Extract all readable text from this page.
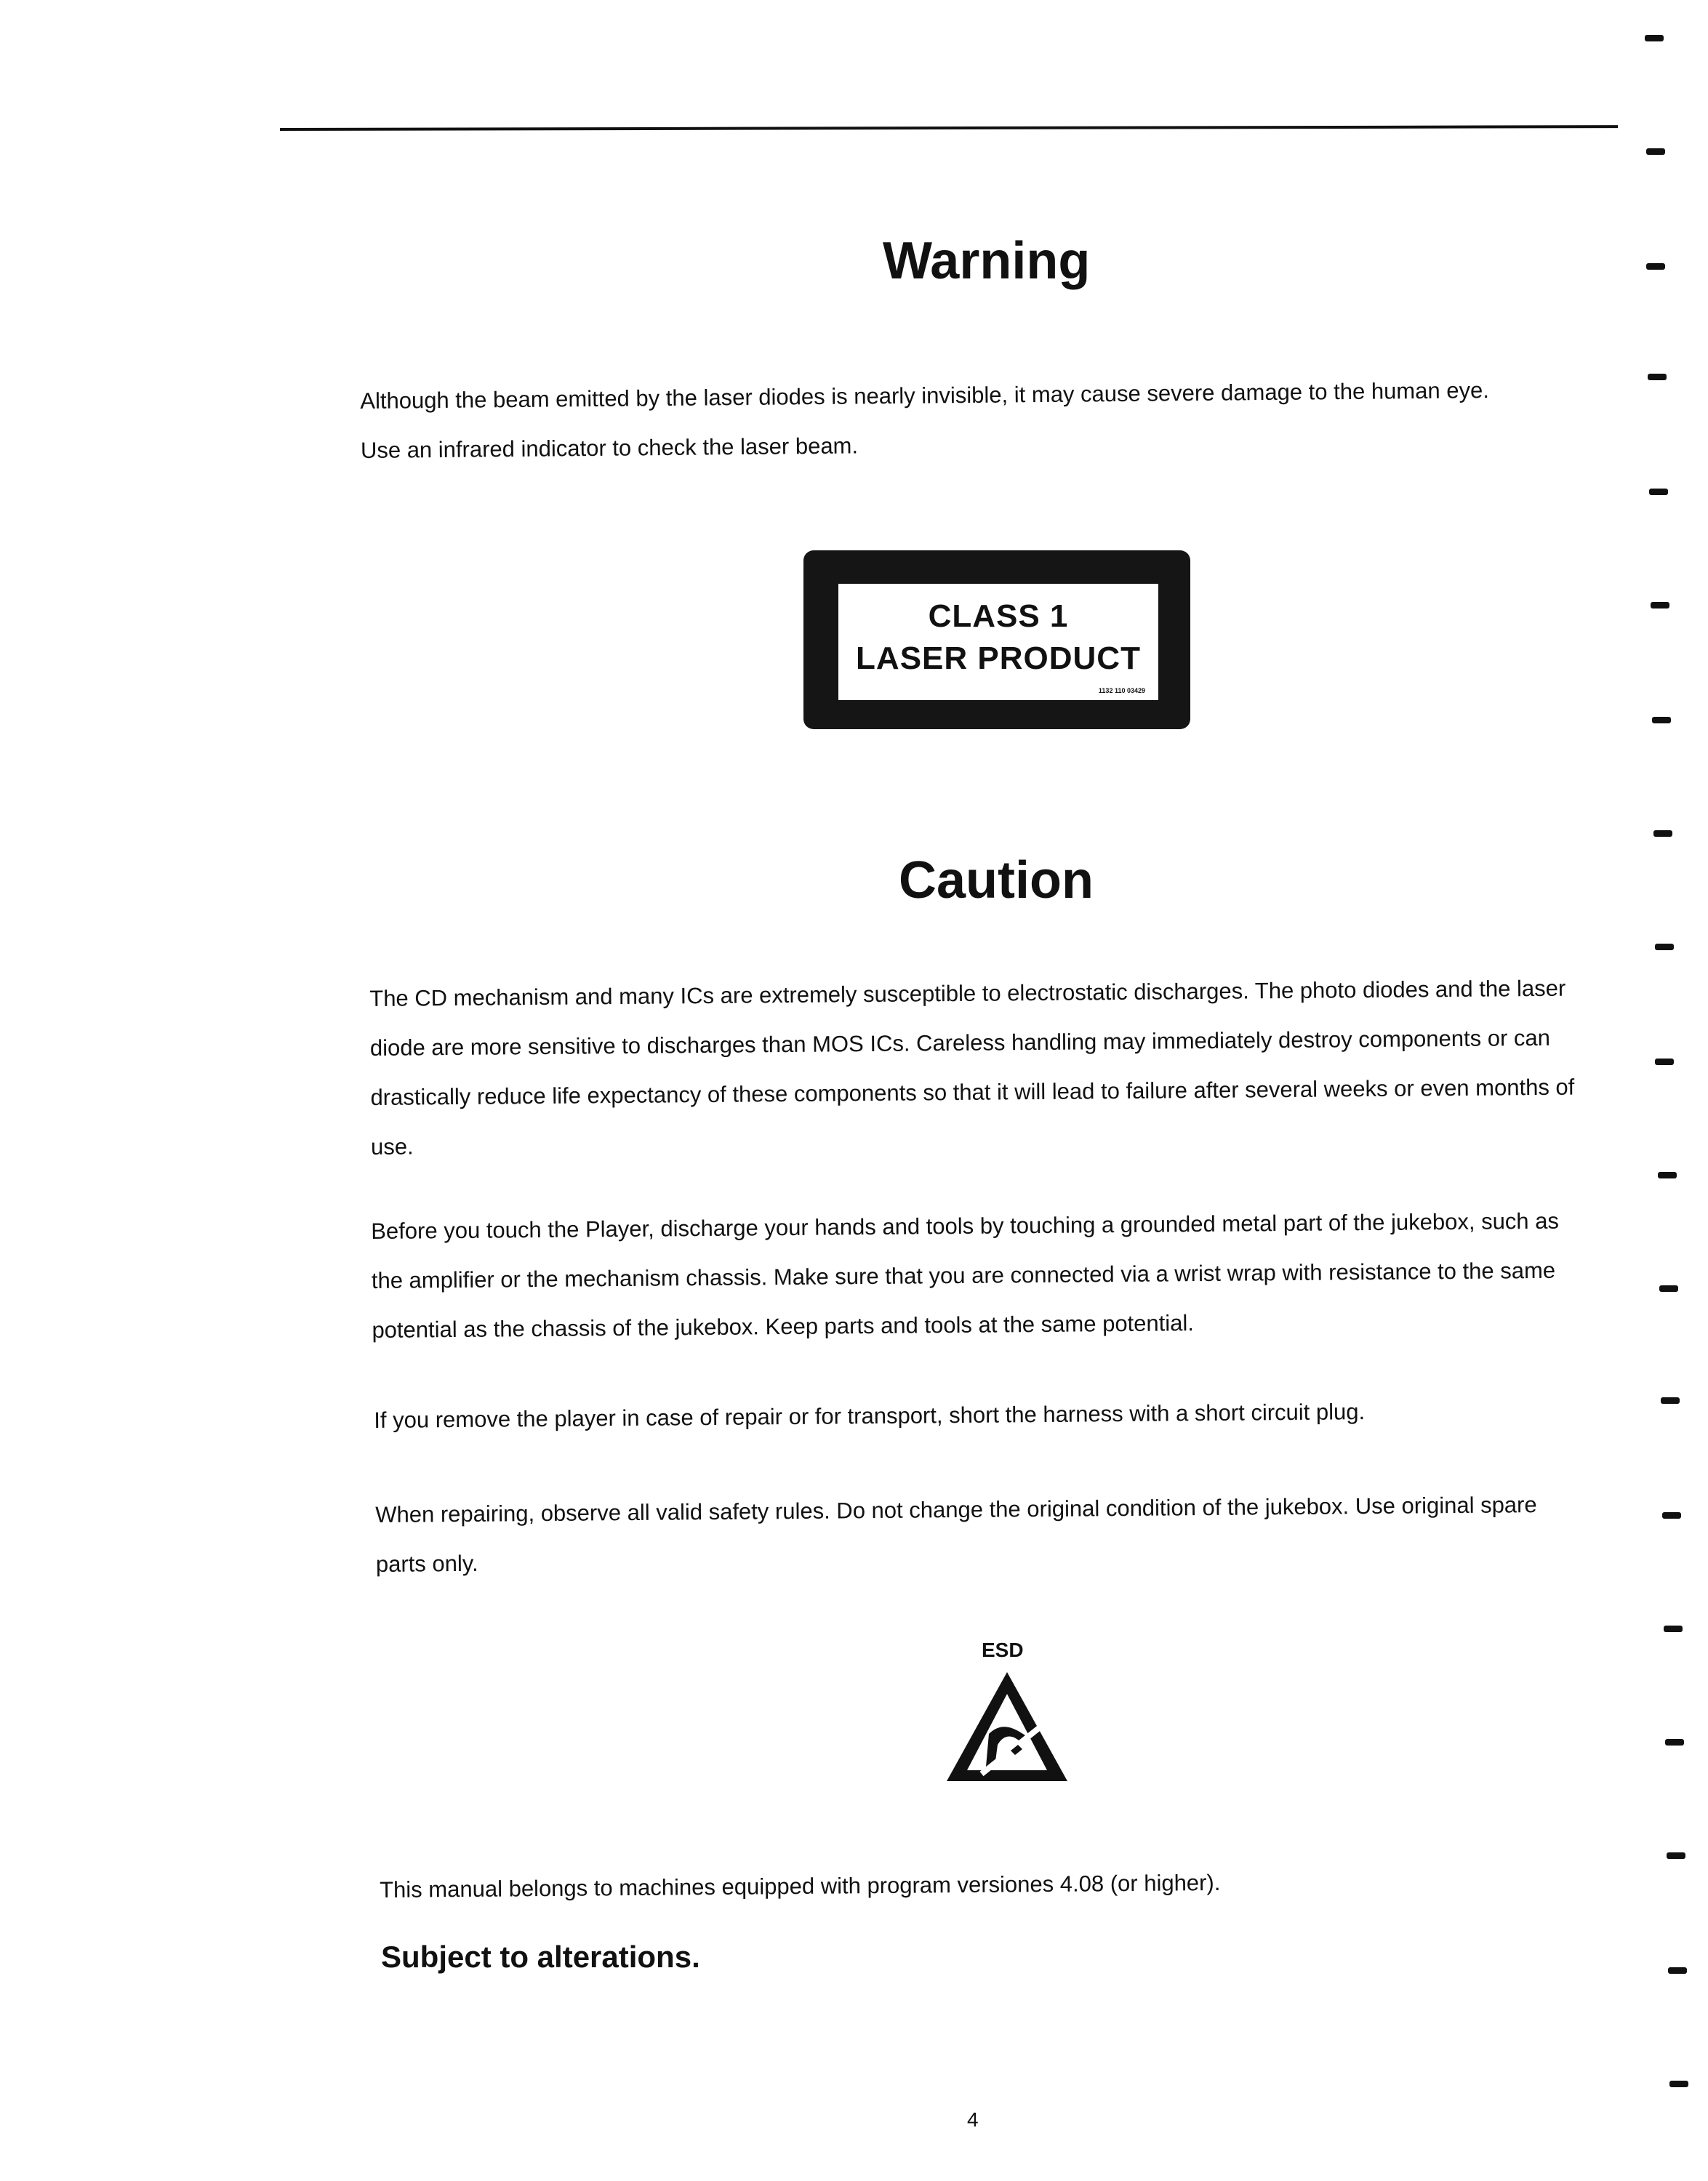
Warning

Although the beam emitted by the laser diodes is nearly invisible, it may cause severe damage to the human eye.
Use an infrared indicator to check the laser beam.

CLASS 1
LASER PRODUCT
1132 110 03429
Caution

The CD mechanism and many ICs are extremely susceptible to electrostatic discharges. The photo diodes and the laser
diode are more sensitive to discharges than MOS ICs. Careless handling may immediately destroy components or can
drastically reduce life expectancy of these components so that it will lead to failure after several weeks or even months of
use.

Before you touch the Player, discharge your hands and tools by touching a grounded metal part of the jukebox, such as
the amplifier or the mechanism chassis. Make sure that you are connected via a wrist wrap with resistance to the same
potential as the chassis of the jukebox. Keep parts and tools at the same potential.

If you remove the player in case of repair or for transport, short the harness with a short circuit plug.

When repairing, observe all valid safety rules. Do not change the original condition of the jukebox. Use original spare
parts only.

ESD

This manual belongs to machines equipped with program versiones 4.08 (or higher).

Subject to alterations.

4
